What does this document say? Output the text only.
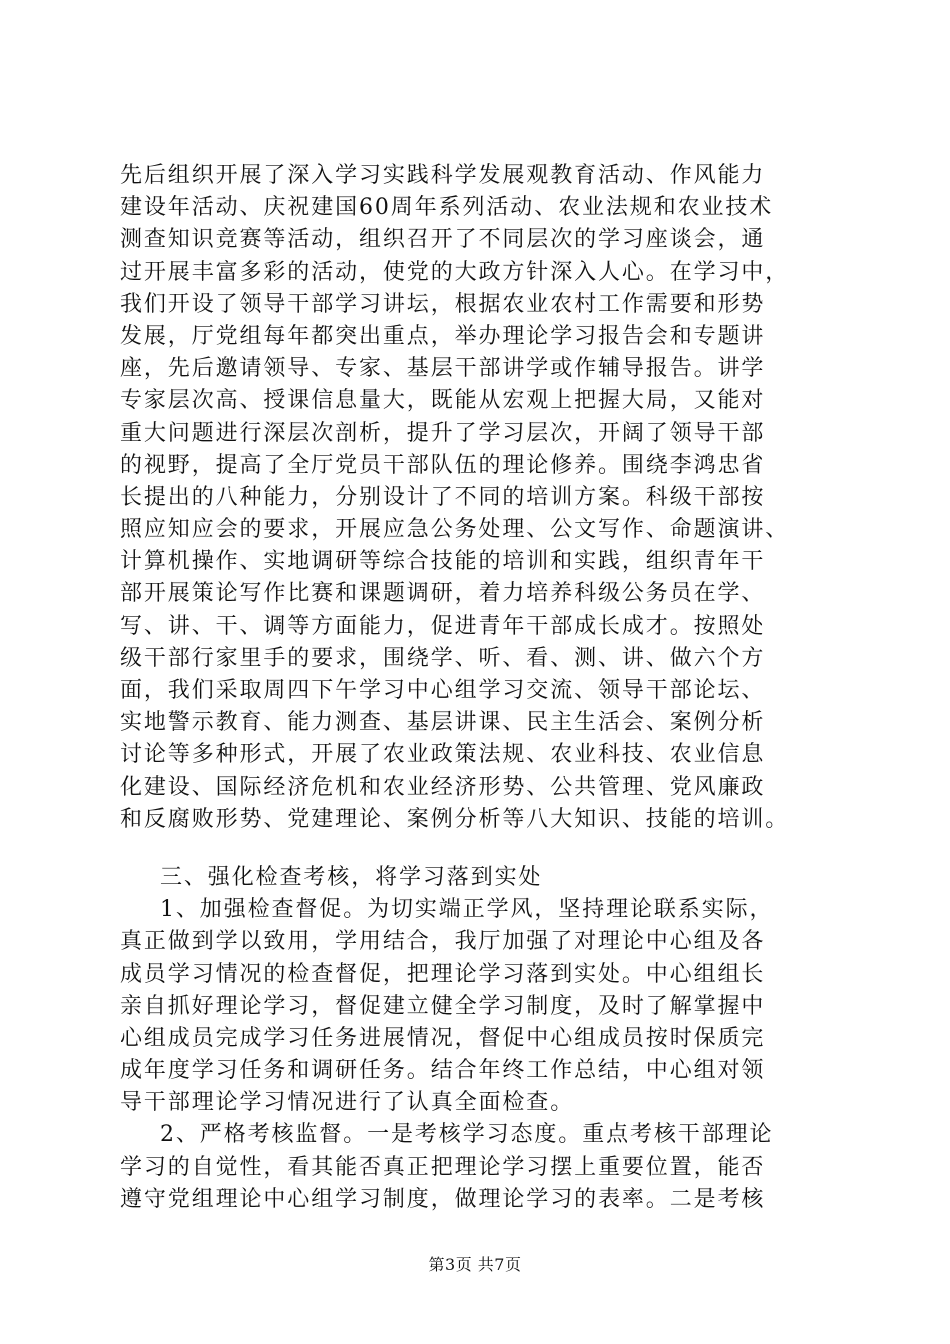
先后组织开展了深入学习实践科学发展观教育活动、作风能力
建设年活动、庆祝建国60周年系列活动、农业法规和农业技术
测查知识竞赛等活动，组织召开了不同层次的学习座谈会，通
过开展丰富多彩的活动，使党的大政方针深入人心。在学习中，
我们开设了领导干部学习讲坛，根据农业农村工作需要和形势
发展，厅党组每年都突出重点，举办理论学习报告会和专题讲
座，先后邀请领导、专家、基层干部讲学或作辅导报告。讲学
专家层次高、授课信息量大，既能从宏观上把握大局，又能对
重大问题进行深层次剖析，提升了学习层次，开阔了领导干部
的视野，提高了全厅党员干部队伍的理论修养。围绕李鸿忠省
长提出的八种能力，分别设计了不同的培训方案。科级干部按
照应知应会的要求，开展应急公务处理、公文写作、命题演讲、
计算机操作、实地调研等综合技能的培训和实践，组织青年干
部开展策论写作比赛和课题调研，着力培养科级公务员在学、
写、讲、干、调等方面能力，促进青年干部成长成才。按照处
级干部行家里手的要求，围绕学、听、看、测、讲、做六个方
面，我们采取周四下午学习中心组学习交流、领导干部论坛、
实地警示教育、能力测查、基层讲课、民主生活会、案例分析
讨论等多种形式，开展了农业政策法规、农业科技、农业信息
化建设、国际经济危机和农业经济形势、公共管理、党风廉政
和反腐败形势、党建理论、案例分析等八大知识、技能的培训。
三、强化检查考核，将学习落到实处
1、加强检查督促。为切实端正学风，坚持理论联系实际，
真正做到学以致用，学用结合，我厅加强了对理论中心组及各
成员学习情况的检查督促，把理论学习落到实处。中心组组长
亲自抓好理论学习，督促建立健全学习制度，及时了解掌握中
心组成员完成学习任务进展情况，督促中心组成员按时保质完
成年度学习任务和调研任务。结合年终工作总结，中心组对领
导干部理论学习情况进行了认真全面检查。
2、严格考核监督。一是考核学习态度。重点考核干部理论
学习的自觉性，看其能否真正把理论学习摆上重要位置，能否
遵守党组理论中心组学习制度，做理论学习的表率。二是考核
第3页 共7页
